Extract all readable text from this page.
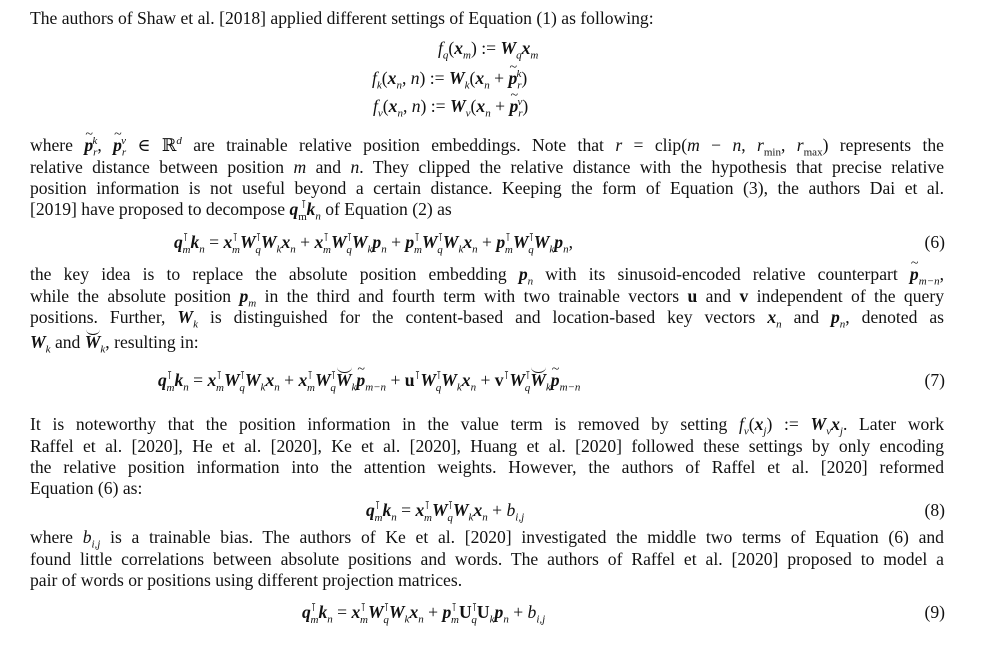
The authors of Shaw et al. [2018] applied different settings of Equation (1) as following:
$f_q(x_m)$ := $W_qx_m$
$f_k(x_n$, n) := $W_k(x_n$ + ~ $p_r^k$)
$f_v(x_n$, n) := $W_v(x_n$ + ~ $p_r^v$)
where ~ $p_r^k$, ~ $p_r^v$ ∈ ℝ$^d$ are trainable relative position embeddings. Note that r = clip(m − n, $r_{min}$, $r_{max}$) represents the
relative distance between position m and n. They clipped the relative distance with the hypothesis that precise relative
position information is not useful beyond a certain distance. Keeping the form of Equation (3), the authors Dai et al.
[2019] have proposed to decompose $q_m^⊺k_n$ of Equation (2) as
$q^⊺_mk_n = x^⊺_mW^⊺_qW_kx_n + x^⊺_mW^⊺_qW_kp_n + p^⊺_mW^⊺_qW_kx_n + p^⊺_mW^⊺_qW_kp_n$,	(6)
the key idea is to replace the absolute position embedding $p_n$ with its sinusoid-encoded relative counterpart ~ $p_{m-n}$,
while the absolute position $p_m$ in the third and fourth term with two trainable vectors u and v independent of the query
positions. Further, $W_k$ is distinguished for the content-based and location-based key vectors $x_n$ and $p_n$, denoted as
$W_k$ and $W_k$, resulting in:
$q^⊺_mk_n = x^⊺_mW^⊺_qW_kx_n$ + $x^⊺_mW^⊺_qW_k\sim$ $p_{m-n} + u^⊺W^⊺_qW_kx_n$ + $v^⊺W^⊺_qW_k\sim$ $p_{m-n}$	(7)
It is noteworthy that the position information in the value term is removed by setting $f_v(x_j)$ := $W_vx_j$. Later work
Raffel et al. [2020], He et al. [2020], Ke et al. [2020], Huang et al. [2020] followed these settings by only encoding
the relative position information into the attention weights. However, the authors of Raffel et al. [2020] reformed
Equation (6) as:
$q^⊺_mk_n = x^⊺_mW^⊺_qW_kx_n + b_{i,j}$	(8)
where $b_{i,j}$ is a trainable bias. The authors of Ke et al. [2020] investigated the middle two terms of Equation (6) and
found little correlations between absolute positions and words. The authors of Raffel et al. [2020] proposed to model a
pair of words or positions using different projection matrices.
$q^⊺_mk_n = x^⊺_mW^⊺_qW_kx_n + p^⊺_mU^⊺_qU_kp_n + b_{i,j}$	(9)
